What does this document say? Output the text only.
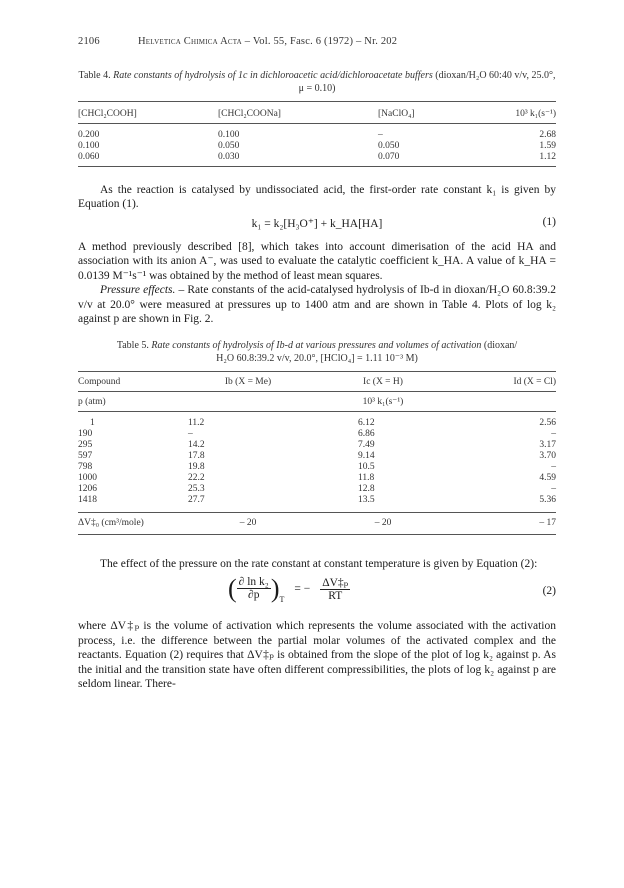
2106	Helvetica Chimica Acta – Vol. 55, Fasc. 6 (1972) – Nr. 202
Table 4. Rate constants of hydrolysis of 1c in dichloroacetic acid/dichloroacetate buffers (dioxan/H₂O 60:40 v/v, 25.0°, μ = 0.10)
[CHCl₂COOH]	[CHCl₂COONa]	[NaClO₄]	10³ k₁(s⁻¹)

0.200	0.100	–	2.68
0.100	0.050	0.050	1.59
0.060	0.030	0.070	1.12

As the reaction is catalysed by undissociated acid, the first-order rate constant k₁ is given by Equation (1).

k₁ = k₂[H₃O⁺] + k_HA[HA]	(1)

A method previously described [8], which takes into account dimerisation of the acid HA and association with its anion A⁻, was used to evaluate the catalytic coefficient k_HA. A value of k_HA = 0.0139 M⁻¹s⁻¹ was obtained by the method of least mean squares.

Pressure effects. – Rate constants of the acid-catalysed hydrolysis of Ib-d in dioxan/H₂O 60.8:39.2 v/v at 20.0° were measured at pressures up to 1400 atm and are shown in Table 4. Plots of log k₂ against p are shown in Fig. 2.

Table 5. Rate constants of hydrolysis of Ib-d at various pressures and volumes of activation (dioxan/
H₂O 60.8:39.2 v/v, 20.0°, [HClO₄] = 1.11 10⁻³ M)
Compound	Ib (X = Me)	Ic (X = H)	Id (X = Cl)
p (atm)		10³ k₁(s⁻¹)	

1	11.2	6.12	2.56
190	–	6.86	–
295	14.2	7.49	3.17
597	17.8	9.14	3.70
798	19.8	10.5	–
1000	22.2	11.8	4.59
1206	25.3	12.8	–
1418	27.7	13.5	5.36

ΔV‡₀ (cm³/mole)	– 20	– 20	– 17

The effect of the pressure on the rate constant at constant temperature is given by Equation (2):

( $\frac{\text{∂ ln k₂}}{\partial p}$ ) T
= − $\frac{\text{ΔV‡ₚ}}{RT}$	(2)

where ΔV‡ₚ is the volume of activation which represents the volume associated with the activation process, i.e. the difference between the partial molar volumes of the activated complex and the reactants. Equation (2) requires that ΔV‡ₚ is obtained from the slope of the plot of log k₂ against p. As the initial and the transition state have often different compressibilities, the plots of log k₂ against p are seldom linear. There-
